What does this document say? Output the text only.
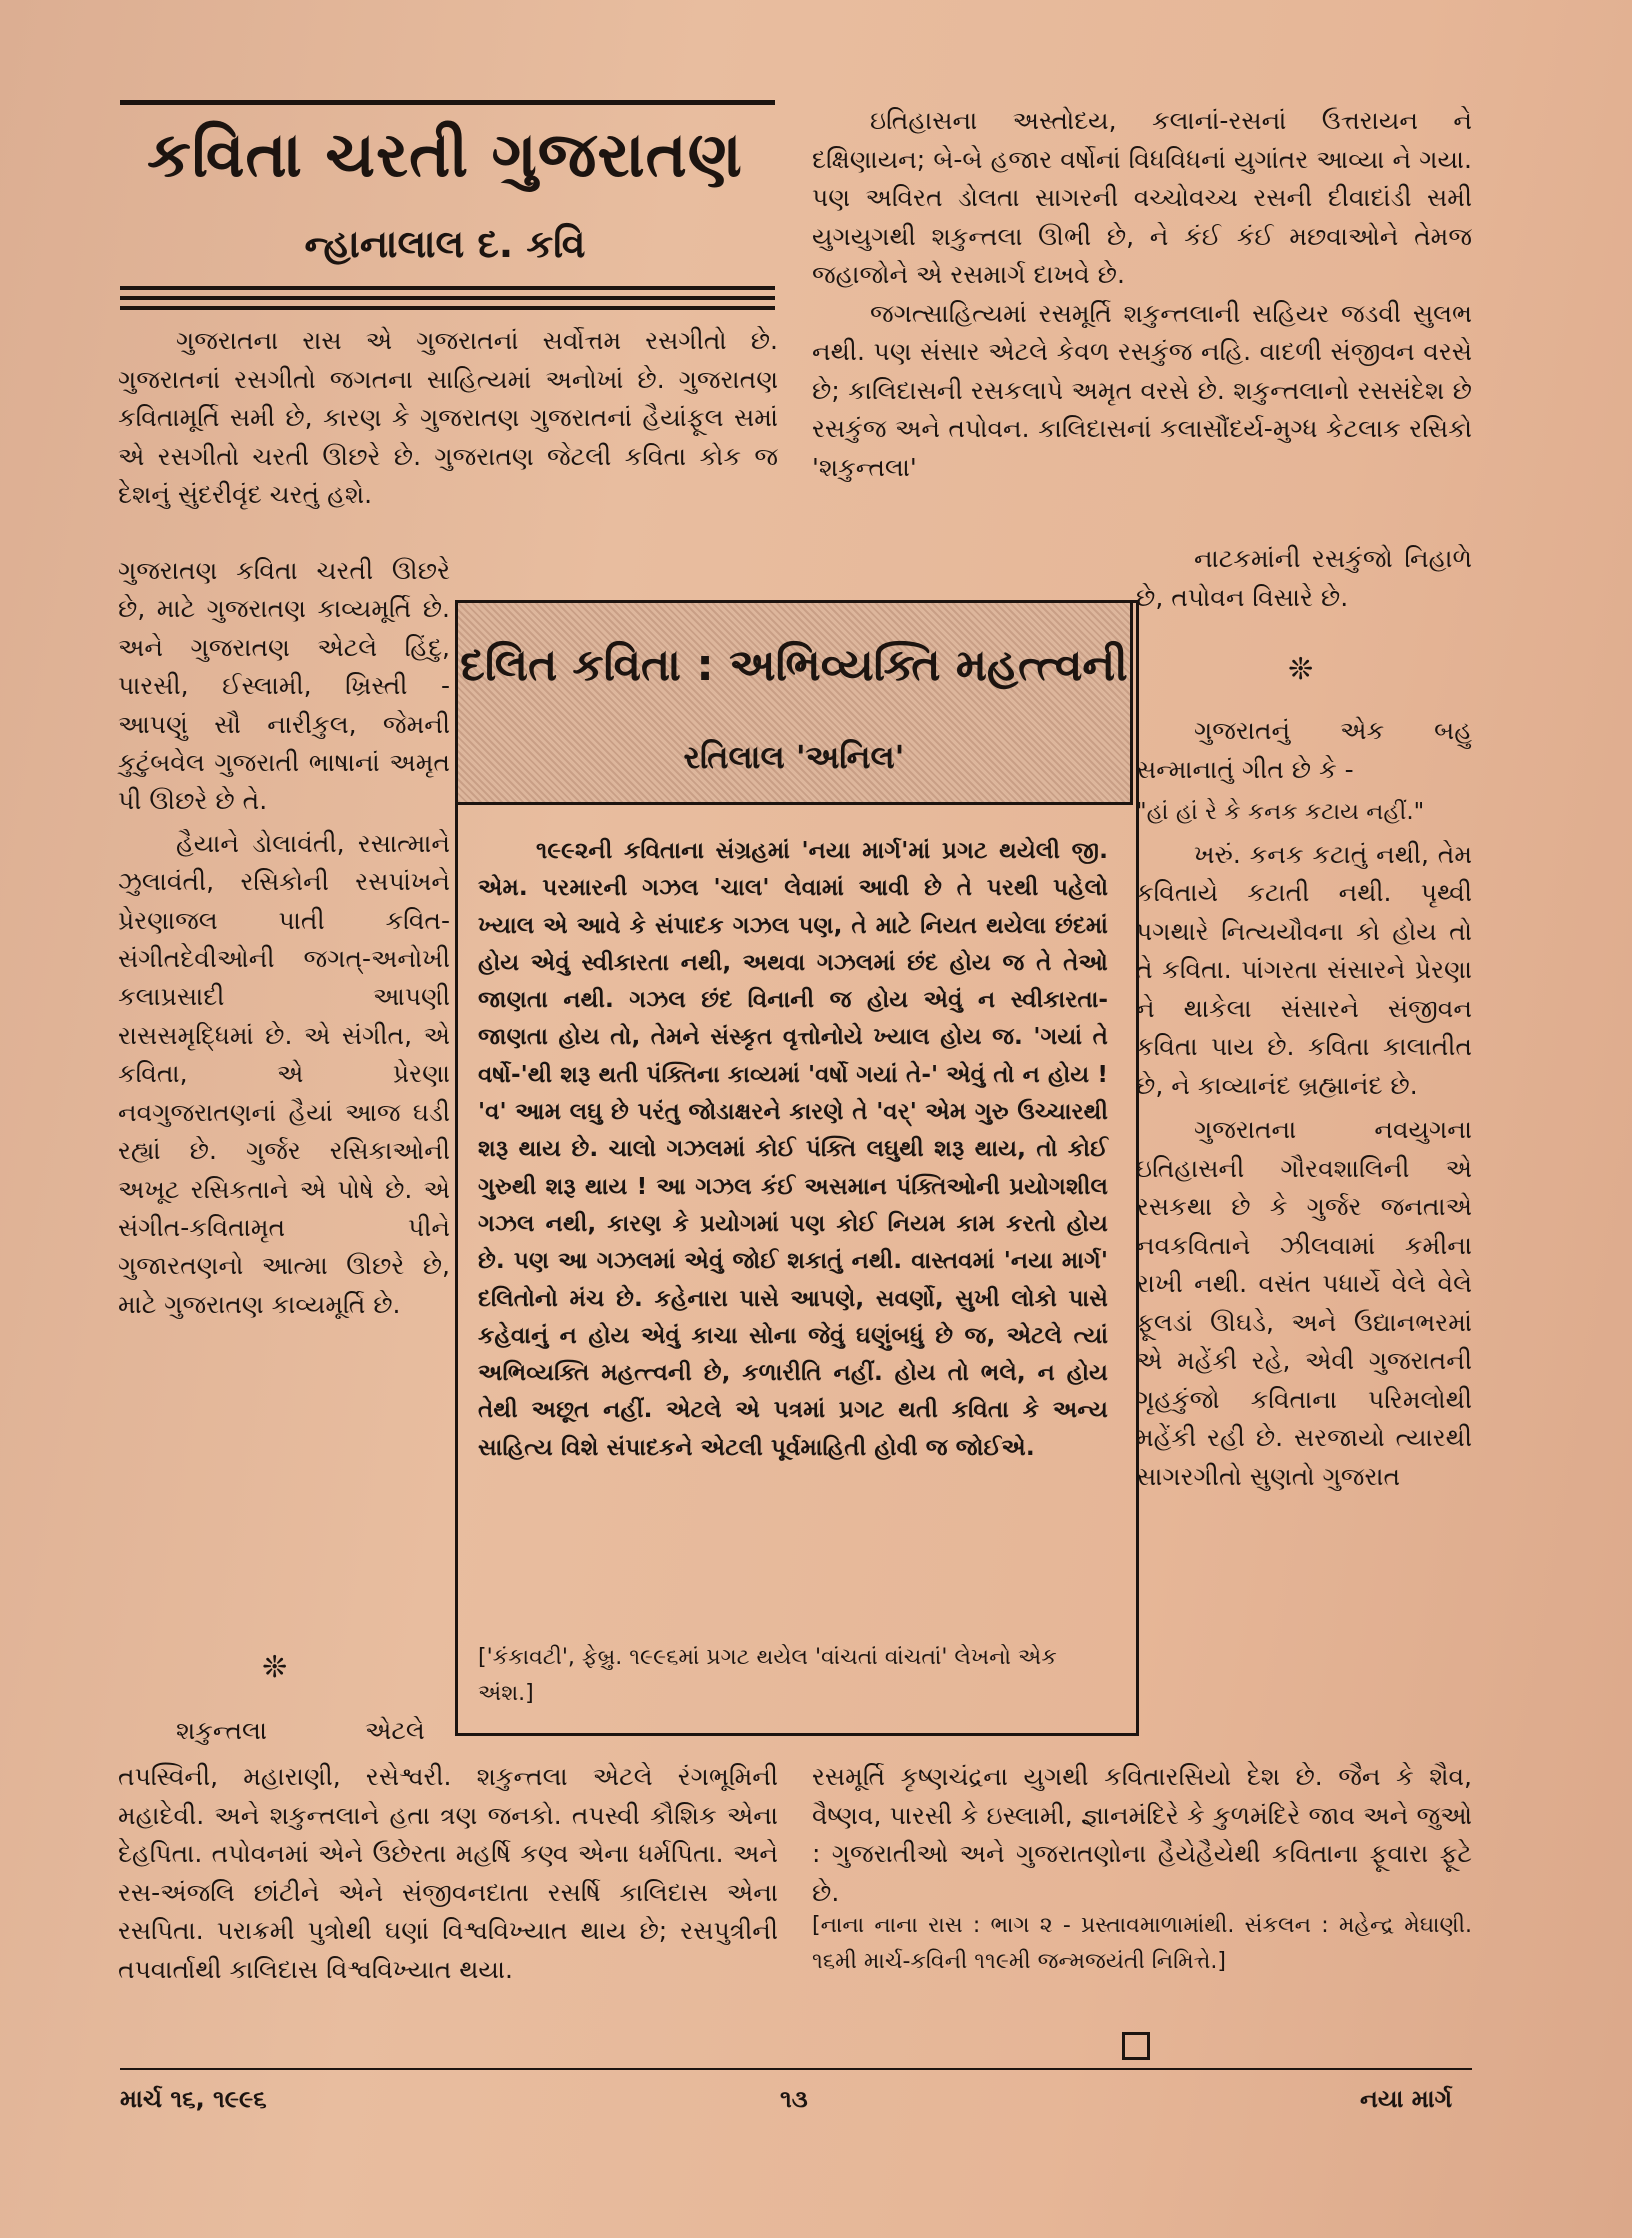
કવિતા ચરતી ગુજરાતણ
ન્હાનાલાલ દ. કવિ

ગુજરાતના રાસ એ ગુજરાતનાં સર્વોત્તમ રસગીતો છે. ગુજરાતનાં રસગીતો જગતના સાહિત્યમાં અનોખાં છે. ગુજરાતણ કવિતામૂર્તિ સમી છે, કારણ કે ગુજરાતણ ગુજરાતનાં હૈયાંફૂલ સમાં એ રસગીતો ચરતી ઊછરે છે. ગુજરાતણ જેટલી કવિતા કોક જ દેશનું સુંદરીવૃંદ ચરતું હશે.

ગુજરાતણ કવિતા ચરતી ઊછરે છે, માટે ગુજરાતણ કાવ્યમૂર્તિ છે. અને ગુજરાતણ એટલે હિંદુ, પારસી, ઈસ્લામી, ખ્રિસ્તી - આપણું સૌ નારીકુલ, જેમની કુટુંબવેલ ગુજરાતી ભાષાનાં અમૃત પી ઊછરે છે તે.

હૈયાને ડોલાવંતી, રસાત્માને ઝુલાવંતી, રસિકોની રસપાંખને પ્રેરણાજલ પાતી કવિત-સંગીતદેવીઓની જગત્-અનોખી કલાપ્રસાદી આપણી રાસસમૃદ્ધિમાં છે. એ સંગીત, એ કવિતા, એ પ્રેરણા નવગુજરાતણનાં હૈયાં આજ ઘડી રહ્યાં છે. ગુર્જર રસિકાઓની અખૂટ રસિકતાને એ પોષે છે. એ સંગીત-કવિતામૃત પીને ગુજારતણનો આત્મા ઊછરે છે, માટે ગુજરાતણ કાવ્યમૂર્તિ છે.

❊

શકુન્તલા એટલે

તપસ્વિની, મહારાણી, રસેશ્વરી. શકુન્તલા એટલે રંગભૂમિની મહાદેવી. અને શકુન્તલાને હતા ત્રણ જનકો. તપસ્વી કૌશિક એના દેહપિતા. તપોવનમાં એને ઉછેરતા મહર્ષિ કણ્વ એના ધર્મપિતા. અને રસ-અંજલિ છાંટીને એને સંજીવનદાતા રસર્ષિ કાલિદાસ એના રસપિતા. પરાક્રમી પુત્રોથી ઘણાં વિશ્વવિખ્યાત થાય છે; રસપુત્રીની તપવાર્તાથી કાલિદાસ વિશ્વવિખ્યાત થયા.

ઇતિહાસના અસ્તોદય, કલાનાં-રસનાં ઉત્તરાયન ને દક્ષિણાયન; બે-બે હજાર વર્ષોનાં વિધવિધનાં યુગાંતર આવ્યા ને ગયા. પણ અવિરત ડોલતા સાગરની વચ્ચોવચ્ચ રસની દીવાદાંડી સમી યુગયુગથી શકુન્તલા ઊભી છે, ને કંઈ કંઈ મછવાઓને તેમજ જહાજોને એ રસમાર્ગ દાખવે છે.

જગત્સાહિત્યમાં રસમૂર્તિ શકુન્તલાની સહિયર જડવી સુલભ નથી. પણ સંસાર એટલે કેવળ રસકુંજ નહિ. વાદળી સંજીવન વરસે છે; કાલિદાસની રસકલાપે અમૃત વરસે છે. શકુન્તલાનો રસસંદેશ છે રસકુંજ અને તપોવન. કાલિદાસનાં કલાસૌંદર્ય-મુગ્ધ કેટલાક રસિકો 'શકુન્તલા'

નાટકમાંની રસકુંજો નિહાળે છે, તપોવન વિસારે છે.

❊

ગુજરાતનું એક બહુ સન્માનાતું ગીત છે કે -

"હાં હાં રે કે કનક કટાય નહીં."

ખરું. કનક કટાતું નથી, તેમ કવિતાયે કટાતી નથી. પૃથ્વી પગથારે નિત્યયૌવના કો હોય તો તે કવિતા. પાંગરતા સંસારને પ્રેરણા ને થાકેલા સંસારને સંજીવન કવિતા પાય છે. કવિતા કાલાતીત છે, ને કાવ્યાનંદ બ્રહ્માનંદ છે.

ગુજરાતના નવયુગના ઇતિહાસની ગૌરવશાલિની એ રસકથા છે કે ગુર્જર જનતાએ નવકવિતાને ઝીલવામાં કમીના રાખી નથી. વસંત પધાર્યે વેલે વેલે ફૂલડાં ઊઘડે, અને ઉદ્યાનભરમાં એ મહેંકી રહે, એવી ગુજરાતની ગૃહકુંજો કવિતાના પરિમલોથી મહેંકી રહી છે. સરજાયો ત્યારથી સાગરગીતો સુણતો ગુજરાત

રસમૂર્તિ કૃષ્ણચંદ્રના યુગથી કવિતારસિયો દેશ છે. જૈન કે શૈવ, વૈષ્ણવ, પારસી કે ઇસ્લામી, જ્ઞાનમંદિરે કે કુળમંદિરે જાવ અને જુઓ : ગુજરાતીઓ અને ગુજરાતણોના હૈયેહૈયેથી કવિતાના ફૂવારા ફૂટે છે.

[નાના નાના રાસ : ભાગ ૨ - પ્રસ્તાવમાળામાંથી. સંકલન : મહેન્દ્ર મેઘાણી. ૧૬મી માર્ચ-કવિની ૧૧૯મી જન્મજયંતી નિમિત્તે.]

દલિત કવિતા : અભિવ્યક્તિ મહત્ત્વની
રતિલાલ 'અનિલ'

૧૯૯૨ની કવિતાના સંગ્રહમાં 'નયા માર્ગ'માં પ્રગટ થયેલી જી. એમ. પરમારની ગઝલ 'ચાલ' લેવામાં આવી છે તે પરથી પહેલો ખ્યાલ એ આવે કે સંપાદક ગઝલ પણ, તે માટે નિયત થયેલા છંદમાં હોય એવું સ્વીકારતા નથી, અથવા ગઝલમાં છંદ હોય જ તે તેઓ જાણતા નથી. ગઝલ છંદ વિનાની જ હોય એવું ન સ્વીકારતા-જાણતા હોય તો, તેમને સંસ્કૃત વૃત્તોનોયે ખ્યાલ હોય જ. 'ગયાં તે વર્ષો-'થી શરૂ થતી પંક્તિના કાવ્યમાં 'વર્ષો ગયાં તે-' એવું તો ન હોય ! 'વ' આમ લઘુ છે પરંતુ જોડાક્ષરને કારણે તે 'વર્' એમ ગુરુ ઉચ્ચારથી શરૂ થાય છે. ચાલો ગઝલમાં કોઈ પંક્તિ લઘુથી શરૂ થાય, તો કોઈ ગુરુથી શરૂ થાય ! આ ગઝલ કંઈ અસમાન પંક્તિઓની પ્રયોગશીલ ગઝલ નથી, કારણ કે પ્રયોગમાં પણ કોઈ નિયમ કામ કરતો હોય છે. પણ આ ગઝલમાં એવું જોઈ શકાતું નથી. વાસ્તવમાં 'નયા માર્ગ' દલિતોનો મંચ છે. કહેનારા પાસે આપણે, સવર્ણો, સુખી લોકો પાસે કહેવાનું ન હોય એવું કાચા સોના જેવું ઘણુંબધું છે જ, એટલે ત્યાં અભિવ્યક્તિ મહત્ત્વની છે, કળારીતિ નહીં. હોય તો ભલે, ન હોય તેથી અછૂત નહીં. એટલે એ પત્રમાં પ્રગટ થતી કવિતા કે અન્ય સાહિત્ય વિશે સંપાદકને એટલી પૂર્વમાહિતી હોવી જ જોઈએ.

['કંકાવટી', ફેબ્રુ. ૧૯૯૬માં પ્રગટ થયેલ 'વાંચતાં વાંચતાં' લેખનો એક અંશ.]
માર્ચ ૧૬, ૧૯૯૬	૧૩	નયા માર્ગ
